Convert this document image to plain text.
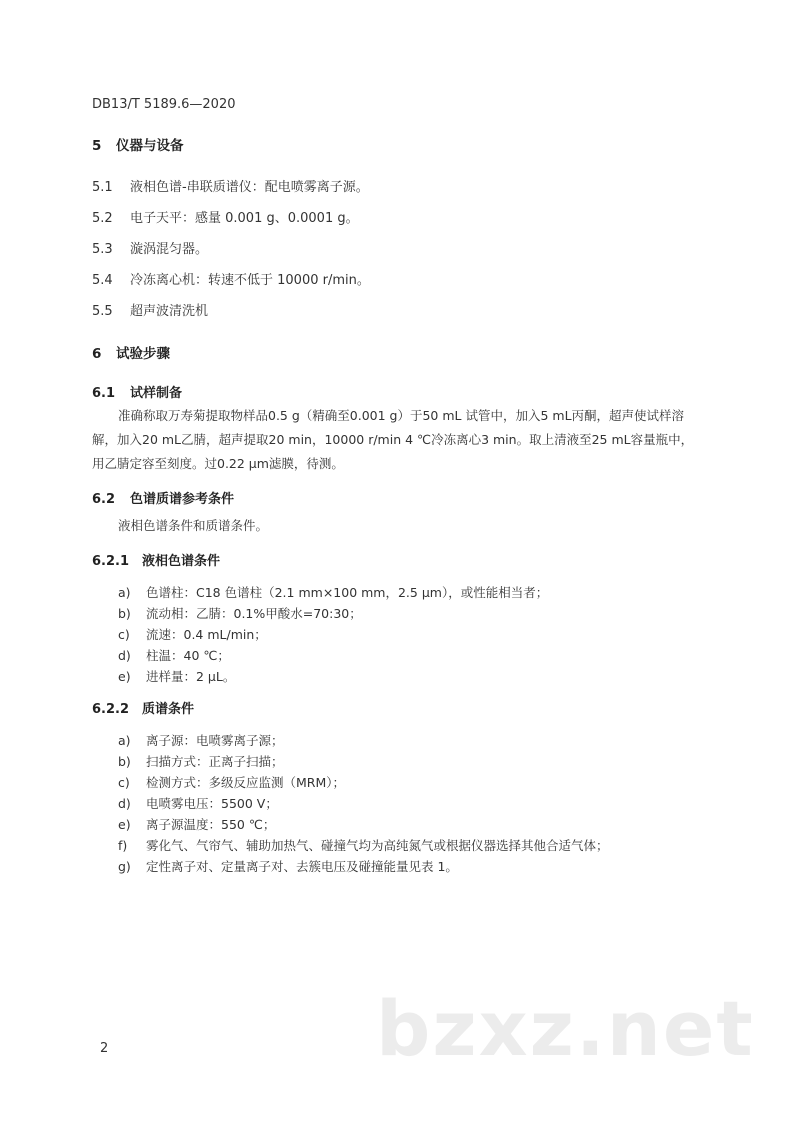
DB13/T 5189.6—2020
5 仪器与设备
5.1 液相色谱-串联质谱仪：配电喷雾离子源。
5.2 电子天平：感量 0.001 g、0.0001 g。
5.3 漩涡混匀器。
5.4 冷冻离心机：转速不低于 10000 r/min。
5.5 超声波清洗机
6 试验步骤
6.1 试样制备
准确称取万寿菊提取物样品0.5 g（精确至0.001 g）于50 mL 试管中，加入5 mL丙酮，超声使试样溶解，加入20 mL乙腈，超声提取20 min，10000 r/min 4 ℃冷冻离心3 min。取上清液至25 mL容量瓶中，用乙腈定容至刻度。过0.22 μm滤膜，待测。
6.2 色谱质谱参考条件
液相色谱条件和质谱条件。
6.2.1 液相色谱条件
a) 色谱柱：C18 色谱柱（2.1 mm×100 mm，2.5 μm），或性能相当者；
b) 流动相：乙腈：0.1%甲酸水=70:30；
c) 流速：0.4 mL/min；
d) 柱温：40 ℃；
e) 进样量：2 μL。
6.2.2 质谱条件
a) 离子源：电喷雾离子源；
b) 扫描方式：正离子扫描；
c) 检测方式：多级反应监测（MRM）；
d) 电喷雾电压：5500 V；
e) 离子源温度：550 ℃；
f) 雾化气、气帘气、辅助加热气、碰撞气均为高纯氮气或根据仪器选择其他合适气体；
g) 定性离子对、定量离子对、去簇电压及碰撞能量见表 1。
bzxz.net
2
